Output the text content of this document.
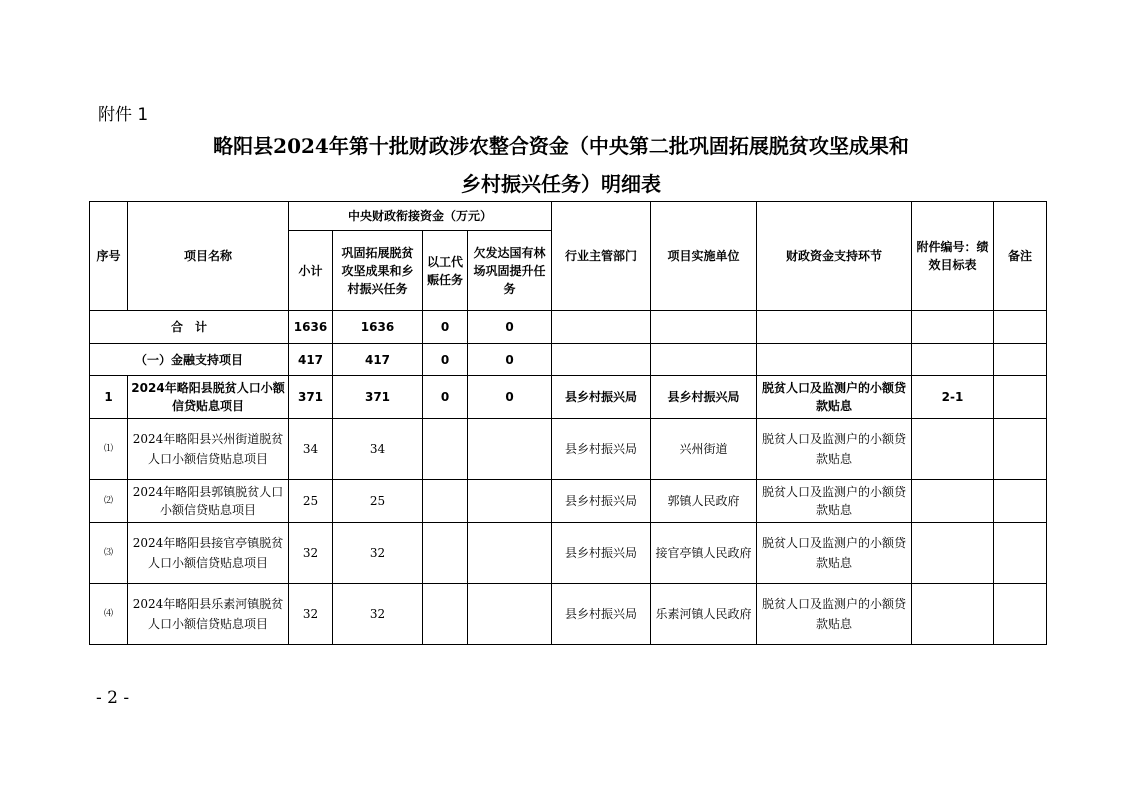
附件 1
略阳县2024年第十批财政涉农整合资金（中央第二批巩固拓展脱贫攻坚成果和
乡村振兴任务）明细表
序号	项目名称	中央财政衔接资金（万元）				行业主管部门	项目实施单位	财政资金支持环节	附件编号：绩效目标表	备注
		小计	巩固拓展脱贫攻坚成果和乡村振兴任务	以工代赈任务	欠发达国有林场巩固提升任务					
合　计		1636	1636	0	0					
（一）金融支持项目		417	417	0	0					
1	2024年略阳县脱贫人口小额信贷贴息项目	371	371	0	0	县乡村振兴局	县乡村振兴局	脱贫人口及监测户的小额贷款贴息	2-1	
⑴	2024年略阳县兴州街道脱贫人口小额信贷贴息项目	34	34			县乡村振兴局	兴州街道	脱贫人口及监测户的小额贷款贴息		
⑵	2024年略阳县郭镇脱贫人口小额信贷贴息项目	25	25			县乡村振兴局	郭镇人民政府	脱贫人口及监测户的小额贷款贴息		
⑶	2024年略阳县接官亭镇脱贫人口小额信贷贴息项目	32	32			县乡村振兴局	接官亭镇人民政府	脱贫人口及监测户的小额贷款贴息		
⑷	2024年略阳县乐素河镇脱贫人口小额信贷贴息项目	32	32			县乡村振兴局	乐素河镇人民政府	脱贫人口及监测户的小额贷款贴息		
- 2 -
